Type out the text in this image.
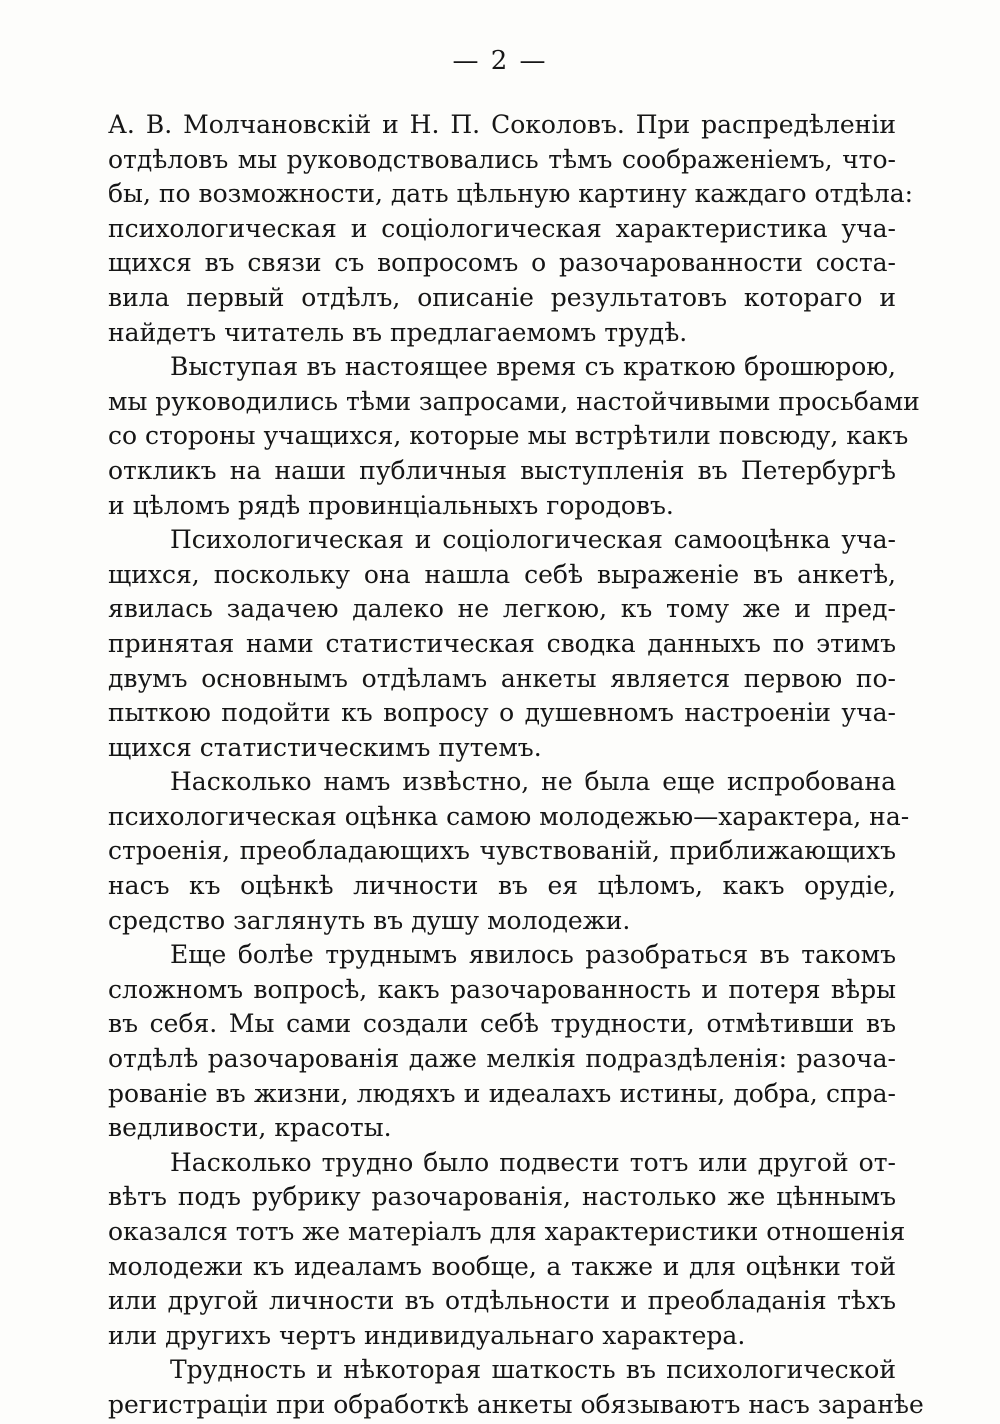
— 2 —
А. В. Молчановскій и Н. П. Соколовъ. При распредѣленіи
отдѣловъ мы руководствовались тѣмъ соображеніемъ, что-
бы, по возможности, дать цѣльную картину каждаго отдѣла:
психологическая и соціологическая характеристика уча-
щихся въ связи съ вопросомъ о разочарованности соста-
вила первый отдѣлъ, описаніе результатовъ котораго и
найдетъ читатель въ предлагаемомъ трудѣ.
Выступая въ настоящее время съ краткою брошюрою,
мы руководились тѣми запросами, настойчивыми просьбами
со стороны учащихся, которые мы встрѣтили повсюду, какъ
откликъ на наши публичныя выступленія въ Петербургѣ
и цѣломъ рядѣ провинціальныхъ городовъ.
Психологическая и соціологическая самооцѣнка уча-
щихся, поскольку она нашла себѣ выраженіе въ анкетѣ,
явилась задачею далеко не легкою, къ тому же и пред-
принятая нами статистическая сводка данныхъ по этимъ
двумъ основнымъ отдѣламъ анкеты является первою по-
пыткою подойти къ вопросу о душевномъ настроеніи уча-
щихся статистическимъ путемъ.
Насколько намъ извѣстно, не была еще испробована
психологическая оцѣнка самою молодежью—характера, на-
строенія, преобладающихъ чувствованій, приближающихъ
насъ къ оцѣнкѣ личности въ ея цѣломъ, какъ орудіе,
средство заглянуть въ душу молодежи.
Еще болѣе труднымъ явилось разобраться въ такомъ
сложномъ вопросѣ, какъ разочарованность и потеря вѣры
въ себя. Мы сами создали себѣ трудности, отмѣтивши въ
отдѣлѣ разочарованія даже мелкія подраздѣленія: разоча-
рованіе въ жизни, людяхъ и идеалахъ истины, добра, спра-
ведливости, красоты.
Насколько трудно было подвести тотъ или другой от-
вѣтъ подъ рубрику разочарованія, настолько же цѣннымъ
оказался тотъ же матеріалъ для характеристики отношенія
молодежи къ идеаламъ вообще, а также и для оцѣнки той
или другой личности въ отдѣльности и преобладанія тѣхъ
или другихъ чертъ индивидуальнаго характера.
Трудность и нѣкоторая шаткость въ психологической
регистраціи при обработкѣ анкеты обязываютъ насъ заранѣе
